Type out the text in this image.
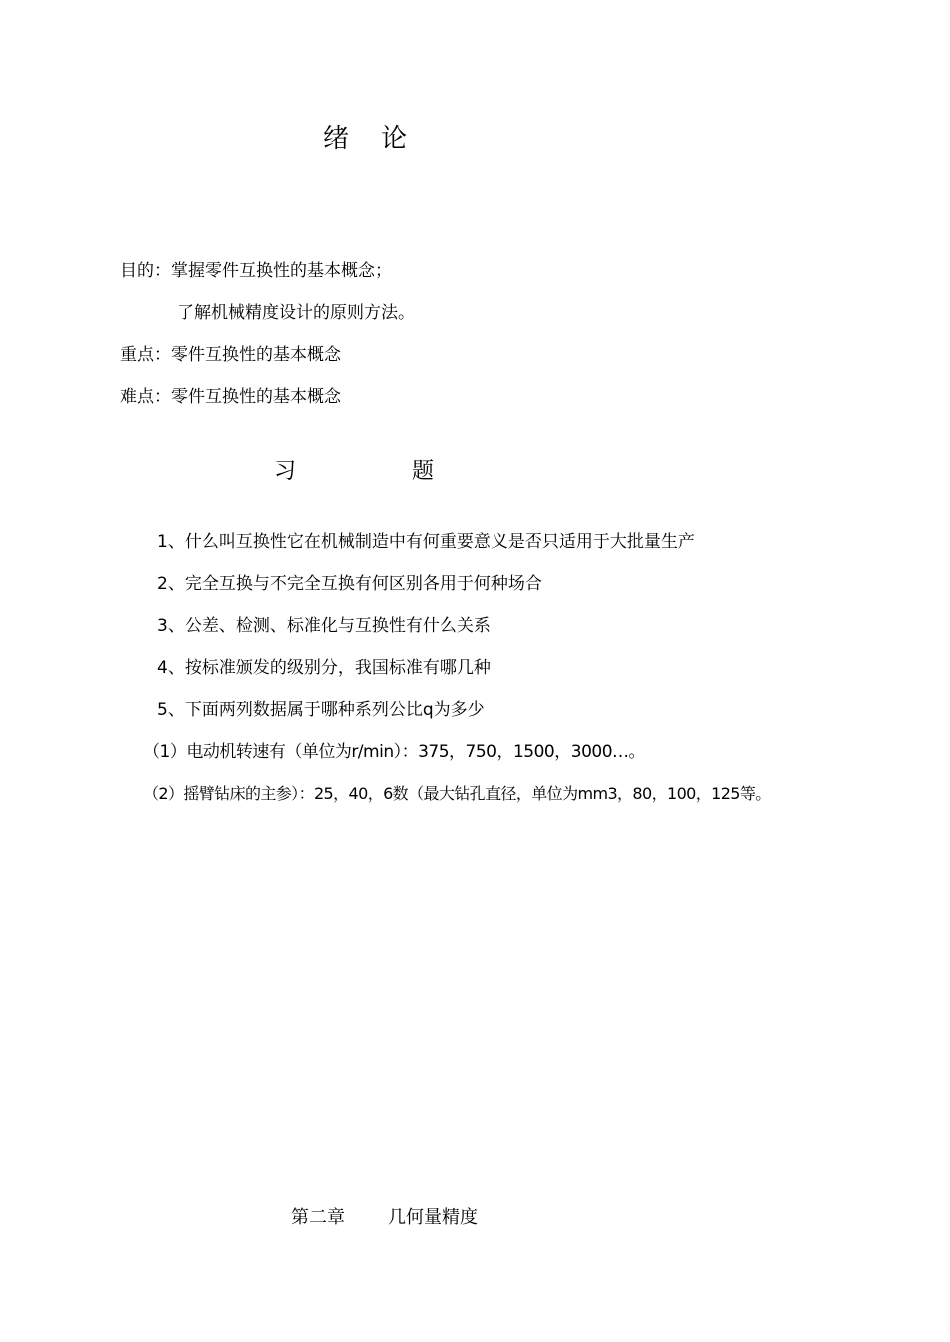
绪 论
目的：掌握零件互换性的基本概念；
了解机械精度设计的原则方法。
重点：零件互换性的基本概念
难点：零件互换性的基本概念
习	题
1、什么叫互换性它在机械制造中有何重要意义是否只适用于大批量生产
2、完全互换与不完全互换有何区别各用于何种场合
3、公差、检测、标准化与互换性有什么关系
4、按标准颁发的级别分，我国标准有哪几种
5、下面两列数据属于哪种系列公比q为多少
（1）电动机转速有（单位为r/min）：375，750，1500，3000…。
（2）摇臂钻床的主参）：25，40，6数（最大钻孔直径，单位为mm3，80，100，125等。
第二章 几何量精度
